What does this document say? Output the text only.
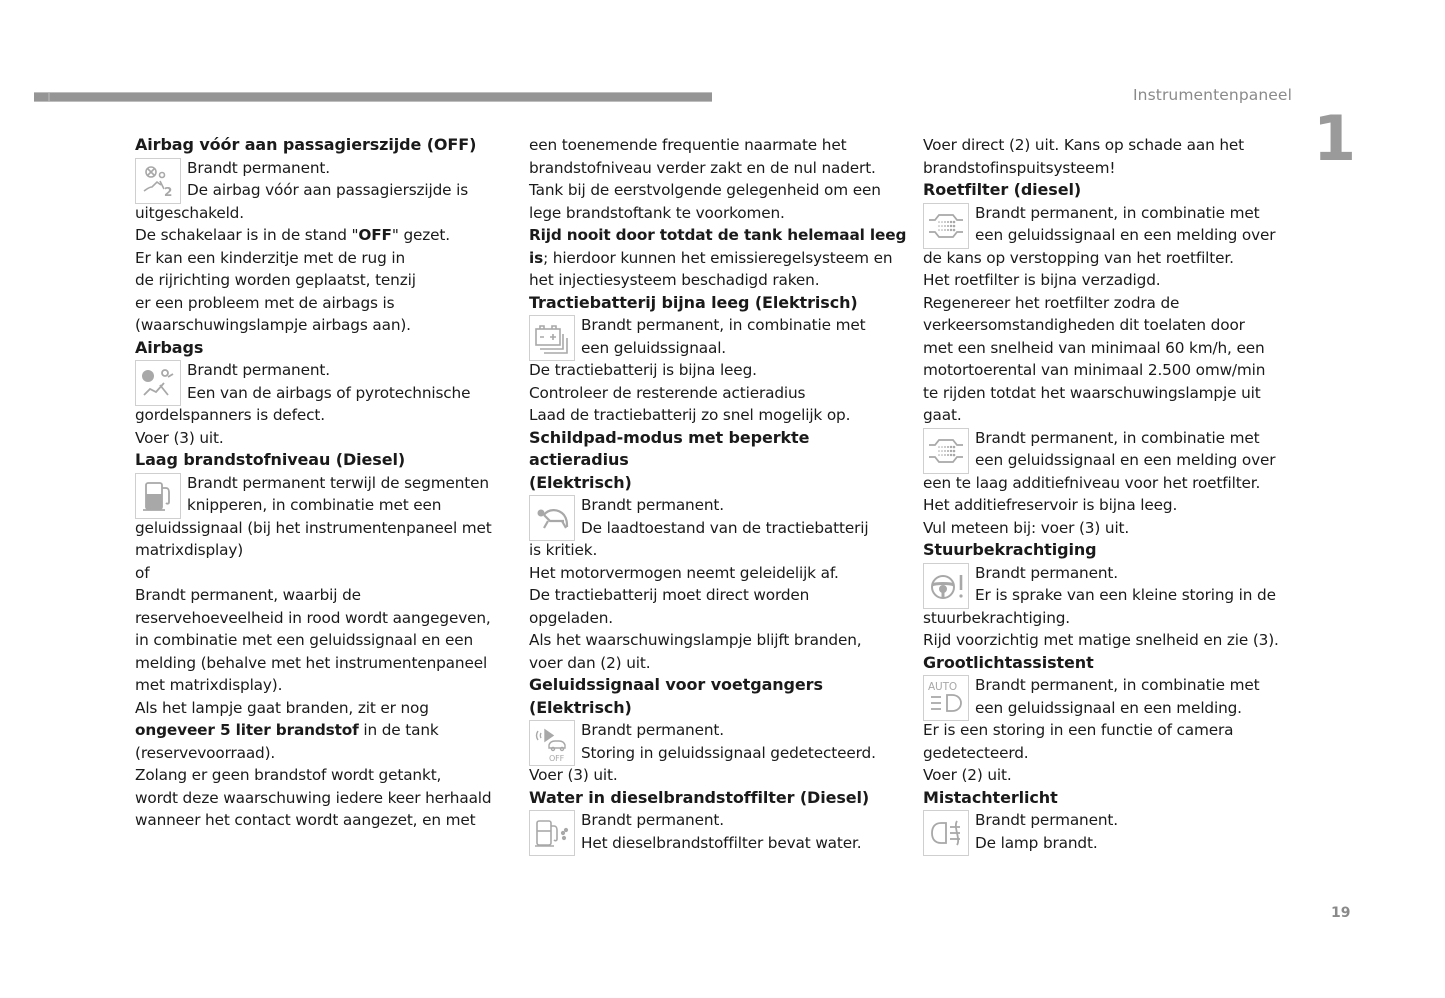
Instrumentenpaneel
1
19
Airbag vóór aan passagierszijde (OFF)
2
Brandt permanent.
De airbag vóór aan passagierszijde is
uitgeschakeld.
De schakelaar is in de stand "OFF" gezet.
Er kan een kinderzitje met de rug in
de rijrichting worden geplaatst, tenzij
er een probleem met de airbags is
(waarschuwingslampje airbags aan).
Airbags
Brandt permanent.
Een van de airbags of pyrotechnische
gordelspanners is defect.
Voer (3) uit.
Laag brandstofniveau (Diesel)
Brandt permanent terwijl de segmenten
knipperen, in combinatie met een
geluidssignaal (bij het instrumentenpaneel met
matrixdisplay)
of
Brandt permanent, waarbij de
reservehoeveelheid in rood wordt aangegeven,
in combinatie met een geluidssignaal en een
melding (behalve met het instrumentenpaneel
met matrixdisplay).
Als het lampje gaat branden, zit er nog
ongeveer 5 liter brandstof in de tank
(reservevoorraad).
Zolang er geen brandstof wordt getankt,
wordt deze waarschuwing iedere keer herhaald
wanneer het contact wordt aangezet, en met
een toenemende frequentie naarmate het
brandstofniveau verder zakt en de nul nadert.
Tank bij de eerstvolgende gelegenheid om een
lege brandstoftank te voorkomen.
Rijd nooit door totdat de tank helemaal leeg
is; hierdoor kunnen het emissieregelsysteem en
het injectiesysteem beschadigd raken.
Tractiebatterij bijna leeg (Elektrisch)
Brandt permanent, in combinatie met
een geluidssignaal.
De tractiebatterij is bijna leeg.
Controleer de resterende actieradius
Laad de tractiebatterij zo snel mogelijk op.
Schildpad-modus met beperkte actieradius
(Elektrisch)
Brandt permanent.
De laadtoestand van de tractiebatterij
is kritiek.
Het motorvermogen neemt geleidelijk af.
De tractiebatterij moet direct worden
opgeladen.
Als het waarschuwingslampje blijft branden,
voer dan (2) uit.
Geluidssignaal voor voetgangers
(Elektrisch)
OFF
Brandt permanent.
Storing in geluidssignaal gedetecteerd.
Voer (3) uit.
Water in dieselbrandstoffilter (Diesel)
Brandt permanent.
Het dieselbrandstoffilter bevat water.
Voer direct (2) uit. Kans op schade aan het
brandstofinspuitsysteem!
Roetfilter (diesel)
Brandt permanent, in combinatie met
een geluidssignaal en een melding over
de kans op verstopping van het roetfilter.
Het roetfilter is bijna verzadigd.
Regenereer het roetfilter zodra de
verkeersomstandigheden dit toelaten door
met een snelheid van minimaal 60 km/h, een
motortoerental van minimaal 2.500 omw/min
te rijden totdat het waarschuwingslampje uit
gaat.
Brandt permanent, in combinatie met
een geluidssignaal en een melding over
een te laag additiefniveau voor het roetfilter.
Het additiefreservoir is bijna leeg.
Vul meteen bij: voer (3) uit.
Stuurbekrachtiging
Brandt permanent.
Er is sprake van een kleine storing in de
stuurbekrachtiging.
Rijd voorzichtig met matige snelheid en zie (3).
Grootlichtassistent
AUTO Brandt permanent, in combinatie met
een geluidssignaal en een melding.
Er is een storing in een functie of camera
gedetecteerd.
Voer (2) uit.
Mistachterlicht
Brandt permanent.
De lamp brandt.
